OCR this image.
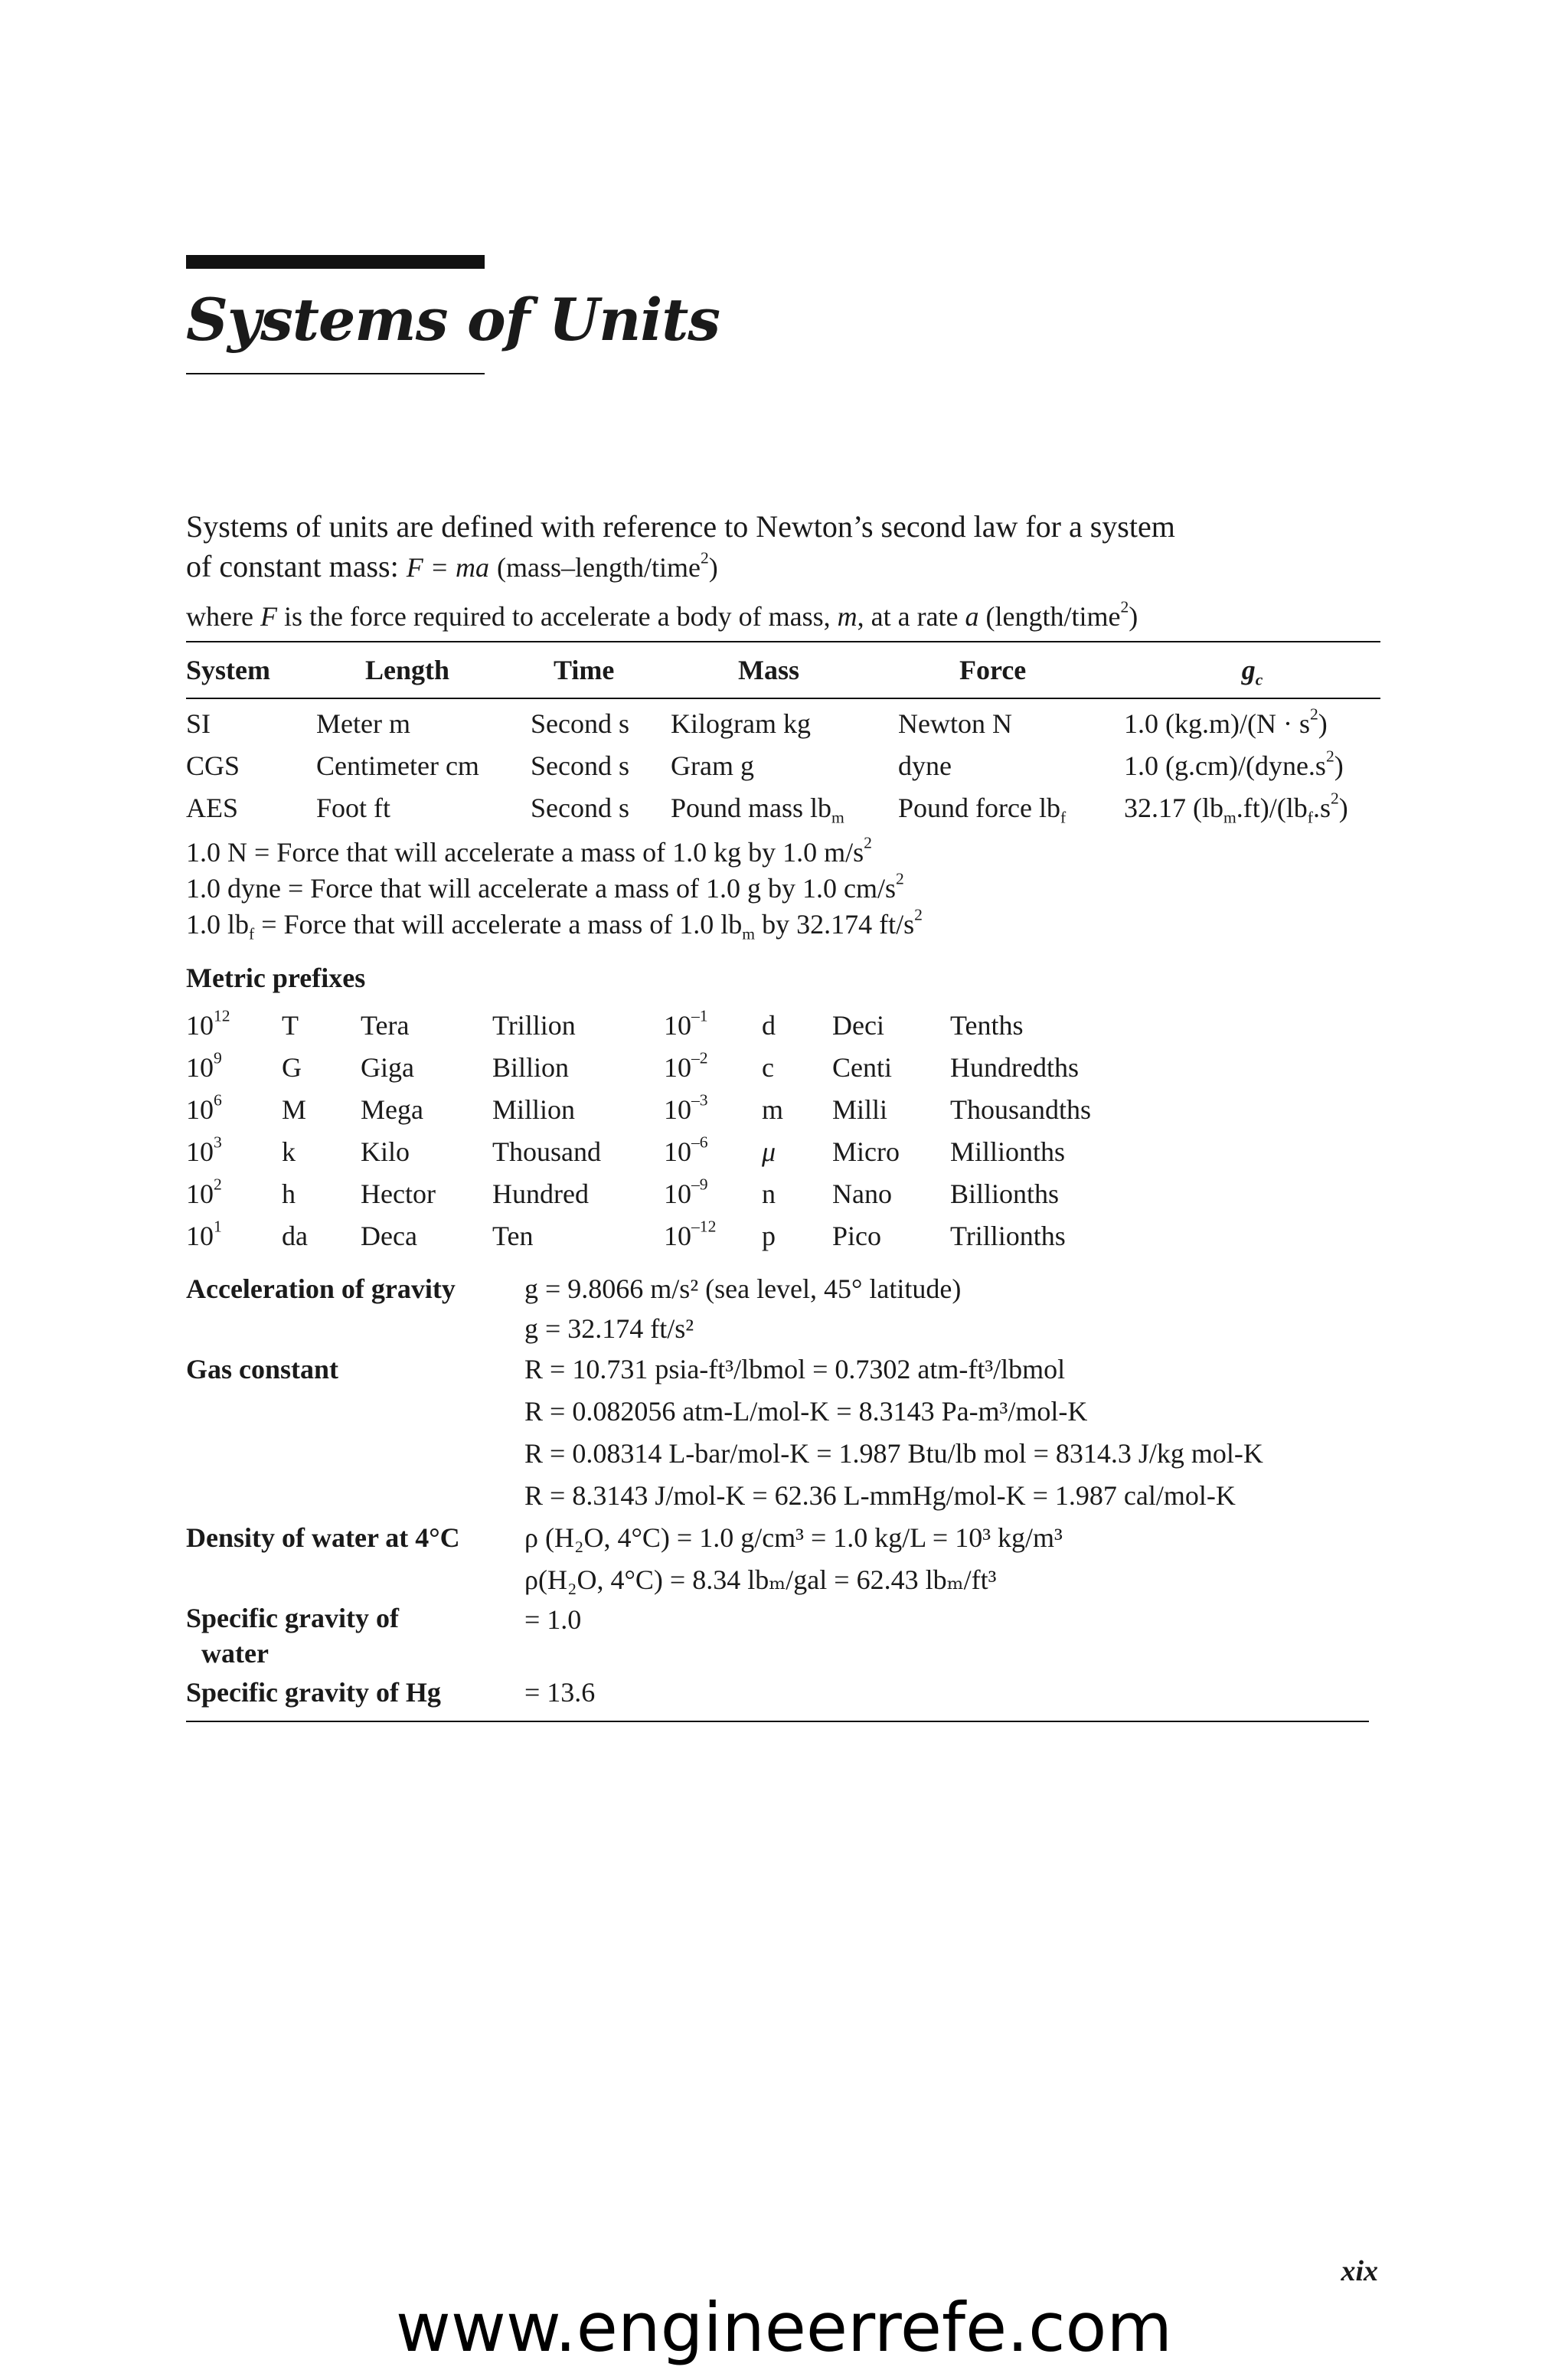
Systems of Units

Systems of units are defined with reference to Newton’s second law for a system
of constant mass: F = ma (mass–length/time$^2$)

where F is the force required to accelerate a body of mass, m, at a rate a (length/time$^2$)

System	Length	Time	Mass	Force	$g_c$
SI	Meter m	Second s	Kilogram kg	Newton N	1.0 $(kg.m)/(N \cdot s^2)$
CGS	Centimeter cm	Second s	Gram g	dyne	1.0 $(g.cm)/(dyne.s^2)$
AES	Foot ft	Second s	Pound mass $lb_m$	Pound force $lb_f$	32.17 $(lb_m.ft)/(lb_f.s^2)$
1.0 N = Force that will accelerate a mass of 1.0 kg by 1.0 $m/s^2$
1.0 dyne = Force that will accelerate a mass of 1.0 g by 1.0 $cm/s^2$
1.0 $lb_f$ = Force that will accelerate a mass of 1.0 $lb_m$ by 32.174 $ft/s^2$
Metric prefixes
$10^{12}$	T	Tera	Trillion	$10^{-1}$	d	Deci	Tenths
$10^9$	G	Giga	Billion	$10^{-2}$	c	Centi	Hundredths
$10^6$	M	Mega	Million	$10^{-3}$	m	Milli	Thousandths
$10^3$	k	Kilo	Thousand	$10^{-6}$	μ	Micro	Millionths
$10^2$	h	Hector	Hundred	$10^{-9}$	n	Nano	Billionths
$10^1$	da	Deca	Ten	$10^{-12}$	p	Pico	Trillionths
Acceleration of gravity	g = 9.8066 m/s² (sea level, 45° latitude)
	g = 32.174 ft/s²
Gas constant	R = 10.731 psia-ft³/lbmol = 0.7302 atm-ft³/lbmol
	R = 0.082056 atm-L/mol-K = 8.3143 Pa-m³/mol-K
	R = 0.08314 L-bar/mol-K = 1.987 Btu/lb mol = 8314.3 J/kg mol-K
	R = 8.3143 J/mol-K = 62.36 L-mmHg/mol-K = 1.987 cal/mol-K
Density of water at 4°C	ρ (H₂O, 4°C) = 1.0 g/cm³ = 1.0 kg/L = 10³ kg/m³
	ρ(H₂O, 4°C) = 8.34 lbₘ/gal = 62.43 lbₘ/ft³
Specific gravity of
water	= 1.0
Specific gravity of Hg	= 13.6
xix
www.engineerrefe.com
